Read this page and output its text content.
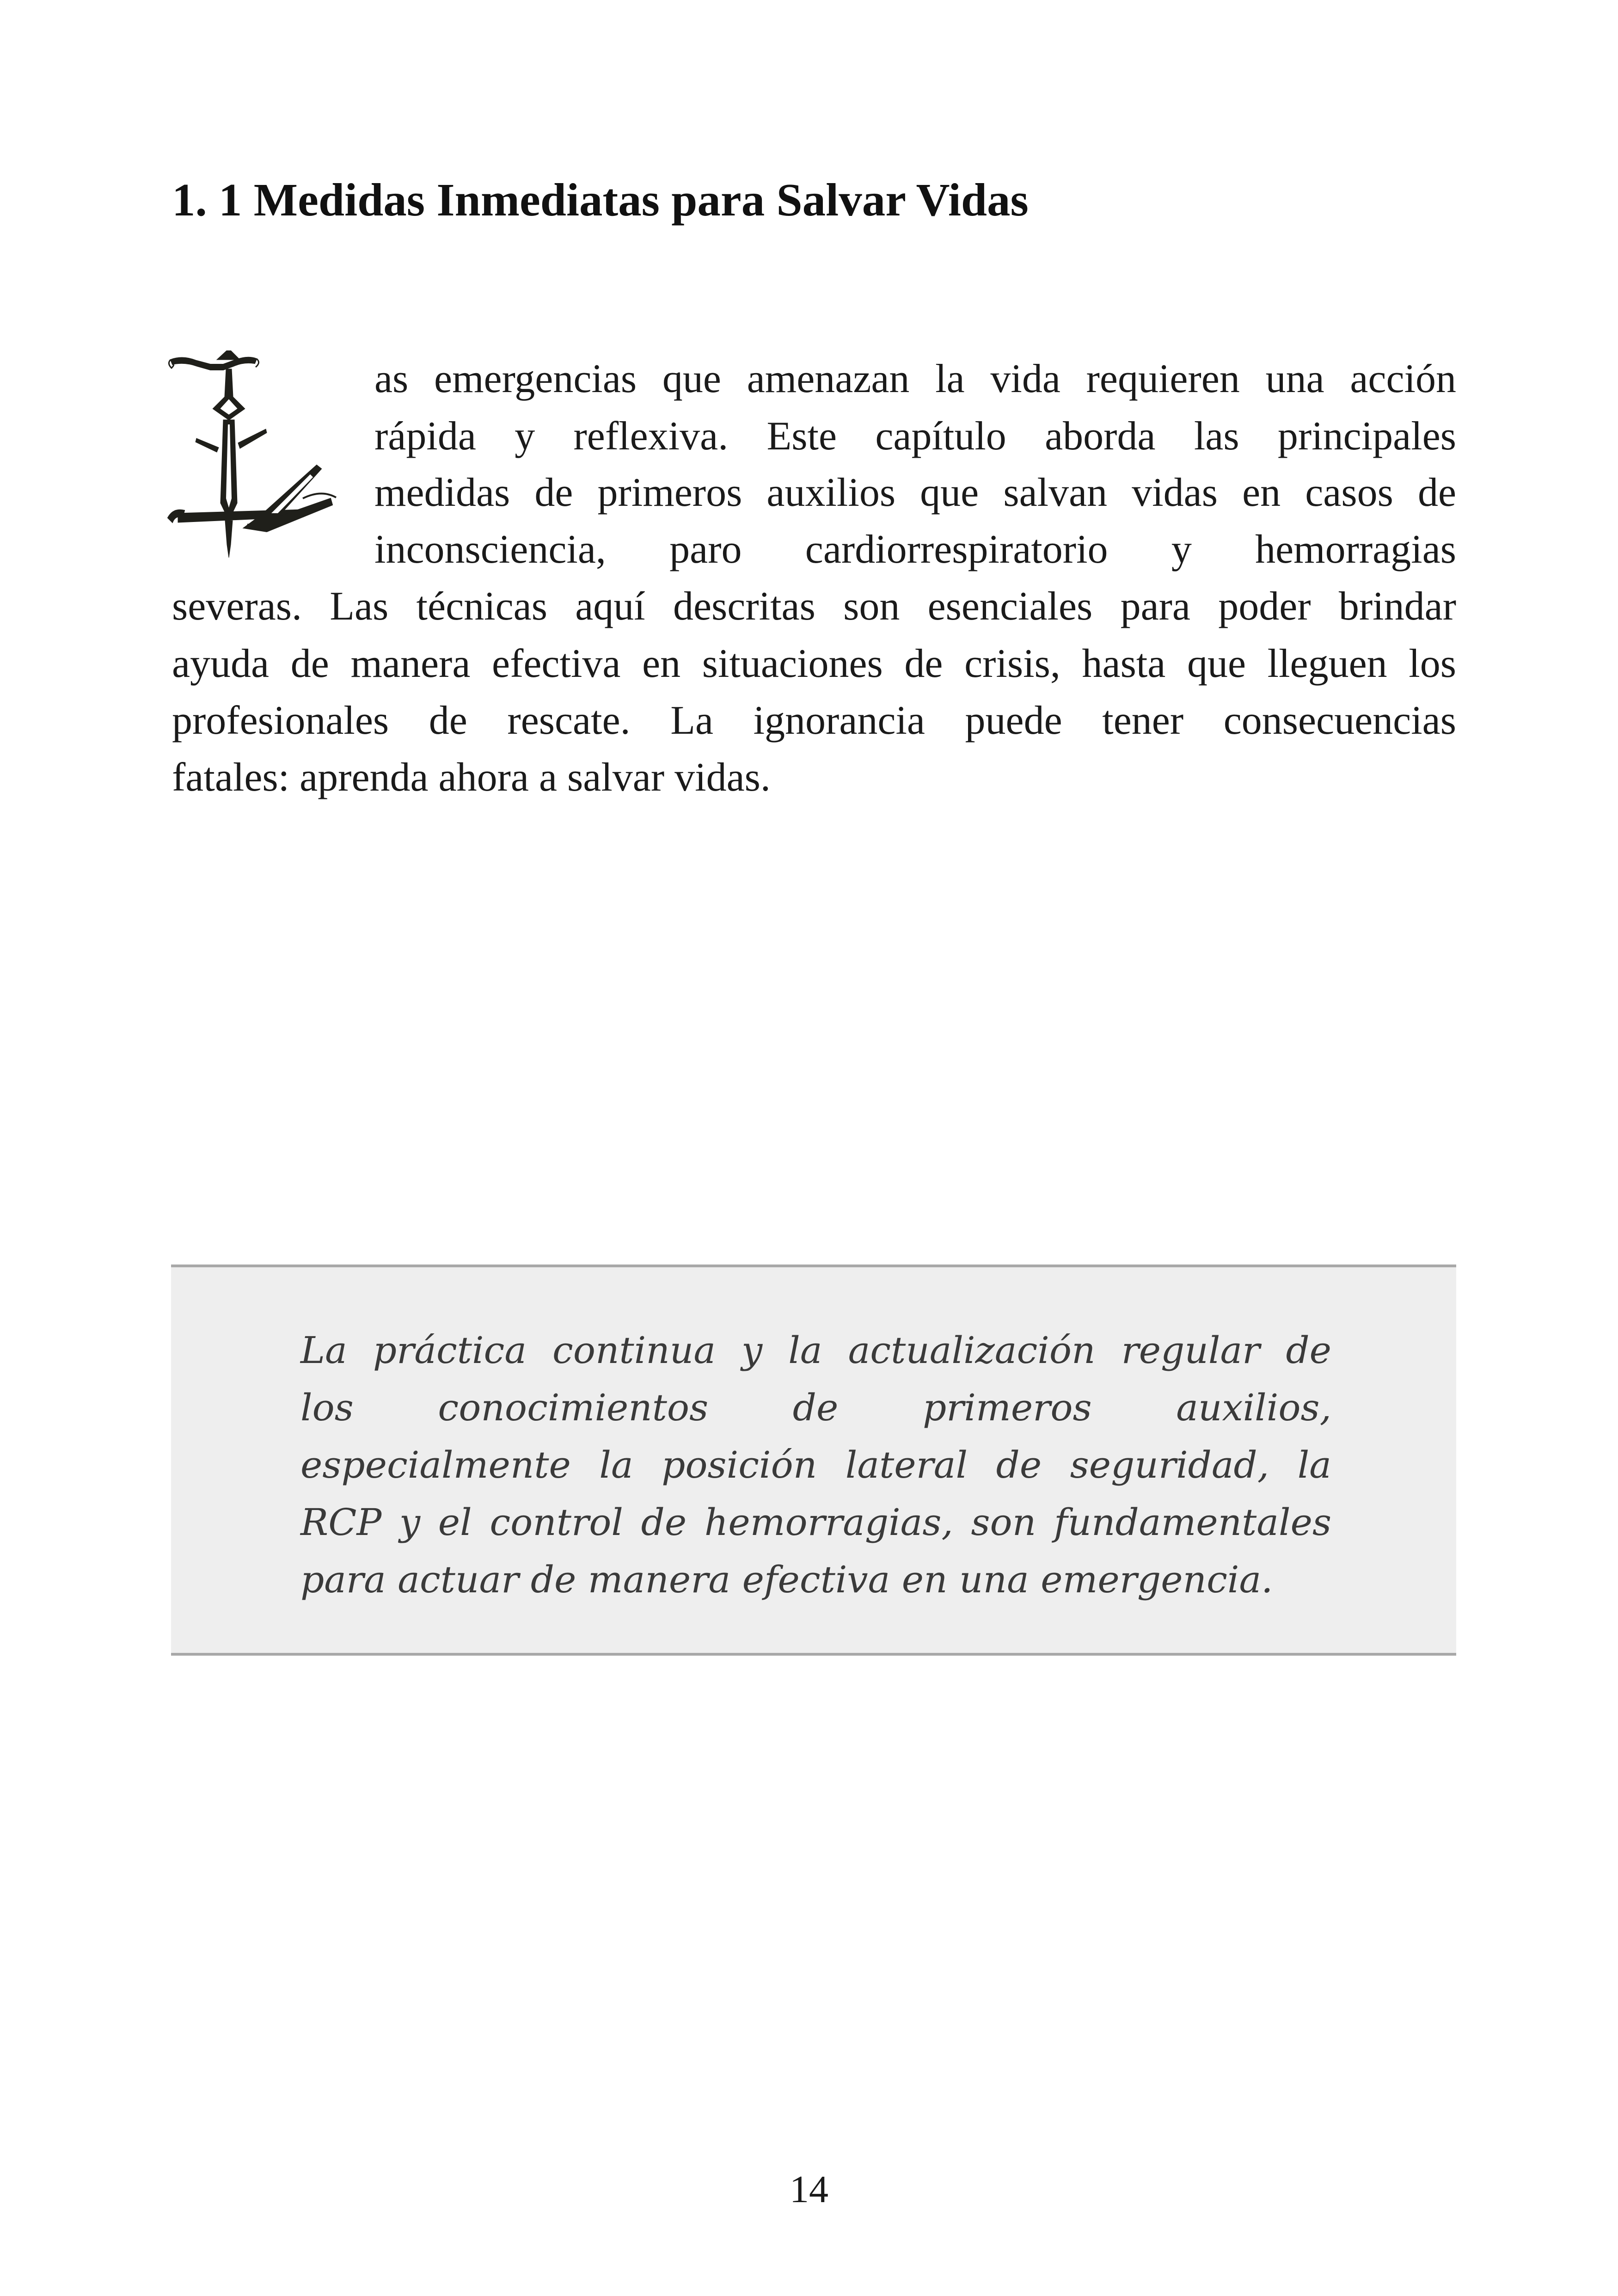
1. 1 Medidas Inmediatas para Salvar Vidas

as emergencias que amenazan la vida requieren una acción

rápida y reflexiva. Este capítulo aborda las principales

medidas de primeros auxilios que salvan vidas en casos de

inconsciencia, paro cardiorrespiratorio y hemorragias

severas. Las técnicas aquí descritas son esenciales para poder brindar

ayuda de manera efectiva en situaciones de crisis, hasta que lleguen los

profesionales de rescate. La ignorancia puede tener consecuencias

fatales: aprenda ahora a salvar vidas.

La práctica continua y la actualización regular de

los conocimientos de primeros auxilios,

especialmente la posición lateral de seguridad, la

RCP y el control de hemorragias, son fundamentales

para actuar de manera efectiva en una emergencia.

14
